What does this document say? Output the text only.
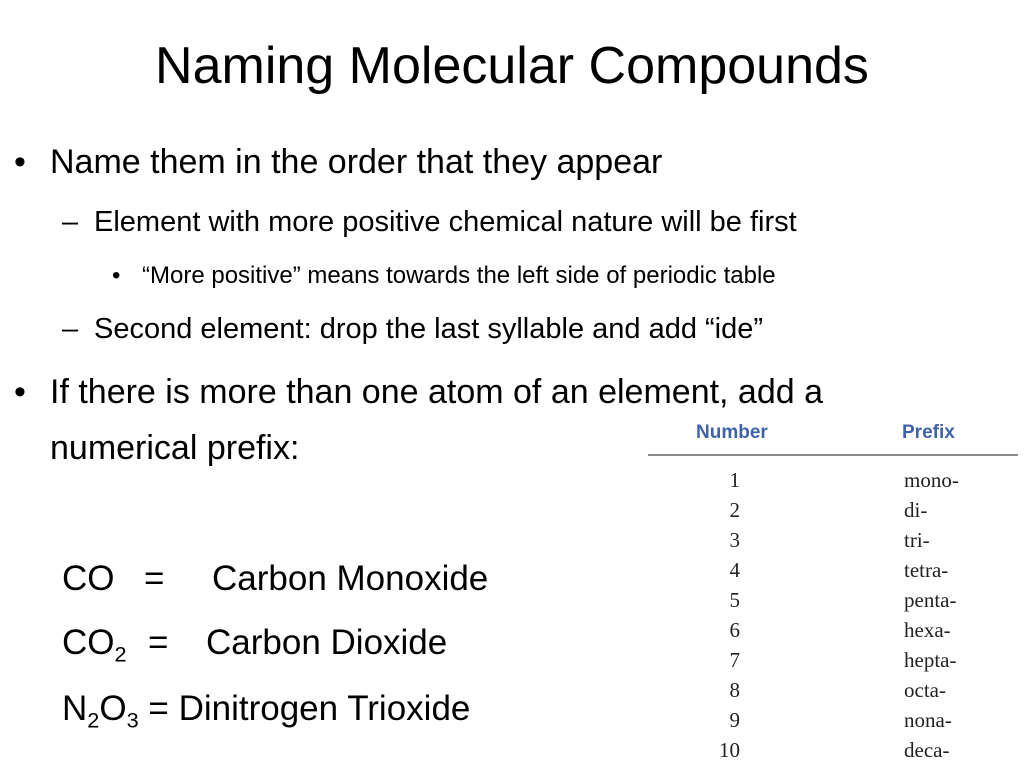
Naming Molecular Compounds
• Name them in the order that they appear
– Element with more positive chemical nature will be first
• “More positive” means towards the left side of periodic table
– Second element: drop the last syllable and add “ide”
• If there is more than one atom of an element, add a
numerical prefix:
CO = Carbon Monoxide
$CO_2$ = Carbon Dioxide
$N_2O_3$ = Dinitrogen Trioxide
Number	Prefix
1	mono-
2	di-
3	tri-
4	tetra-
5	penta-
6	hexa-
7	hepta-
8	octa-
9	nona-
10	deca-
